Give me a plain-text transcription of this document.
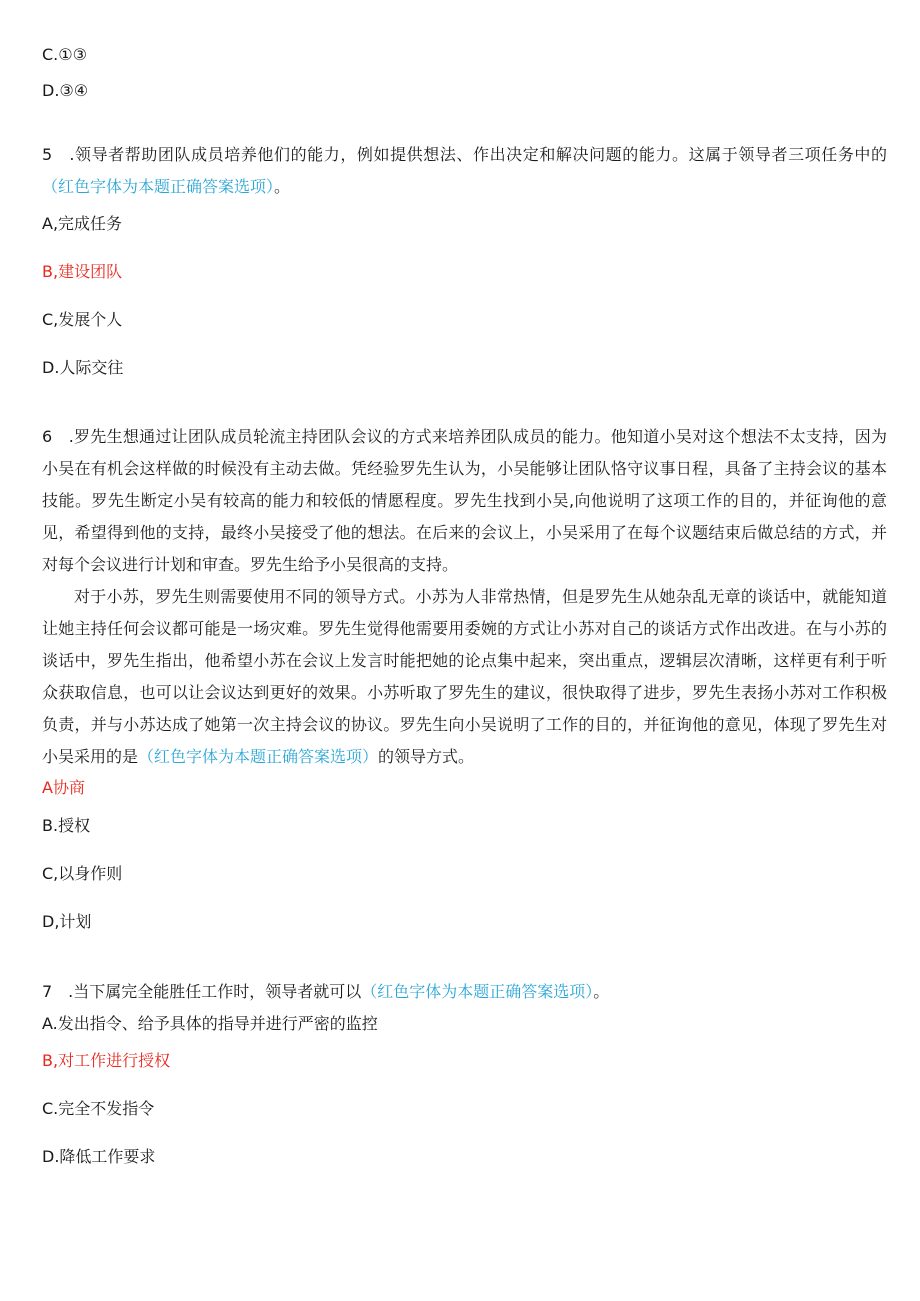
C.①③
D.③④
5　.领导者帮助团队成员培养他们的能力，例如提供想法、作出决定和解决问题的能力。这属于领导者三项任务中的（红色字体为本题正确答案选项）。
A,完成任务
B,建设团队
C,发展个人
D.人际交往
6　.罗先生想通过让团队成员轮流主持团队会议的方式来培养团队成员的能力。他知道小吴对这个想法不太支持，因为小吴在有机会这样做的时候没有主动去做。凭经验罗先生认为，小吴能够让团队恪守议事日程，具备了主持会议的基本技能。罗先生断定小吴有较高的能力和较低的情愿程度。罗先生找到小吴,向他说明了这项工作的目的，并征询他的意见，希望得到他的支持，最终小吴接受了他的想法。在后来的会议上，小吴采用了在每个议题结束后做总结的方式，并对每个会议进行计划和审查。罗先生给予小吴很高的支持。
对于小苏，罗先生则需要使用不同的领导方式。小苏为人非常热情，但是罗先生从她杂乱无章的谈话中，就能知道让她主持任何会议都可能是一场灾难。罗先生觉得他需要用委婉的方式让小苏对自己的谈话方式作出改进。在与小苏的谈话中，罗先生指出，他希望小苏在会议上发言时能把她的论点集中起来，突出重点，逻辑层次清晰，这样更有利于听众获取信息，也可以让会议达到更好的效果。小苏听取了罗先生的建议，很快取得了进步，罗先生表扬小苏对工作积极负责，并与小苏达成了她第一次主持会议的协议。罗先生向小吴说明了工作的目的，并征询他的意见，体现了罗先生对小吴采用的是（红色字体为本题正确答案选项）的领导方式。
A协商
B.授权
C,以身作则
D,计划
7　.当下属完全能胜任工作时，领导者就可以（红色字体为本题正确答案选项）。
A.发出指令、给予具体的指导并进行严密的监控
B,对工作进行授权
C.完全不发指令
D.降低工作要求
